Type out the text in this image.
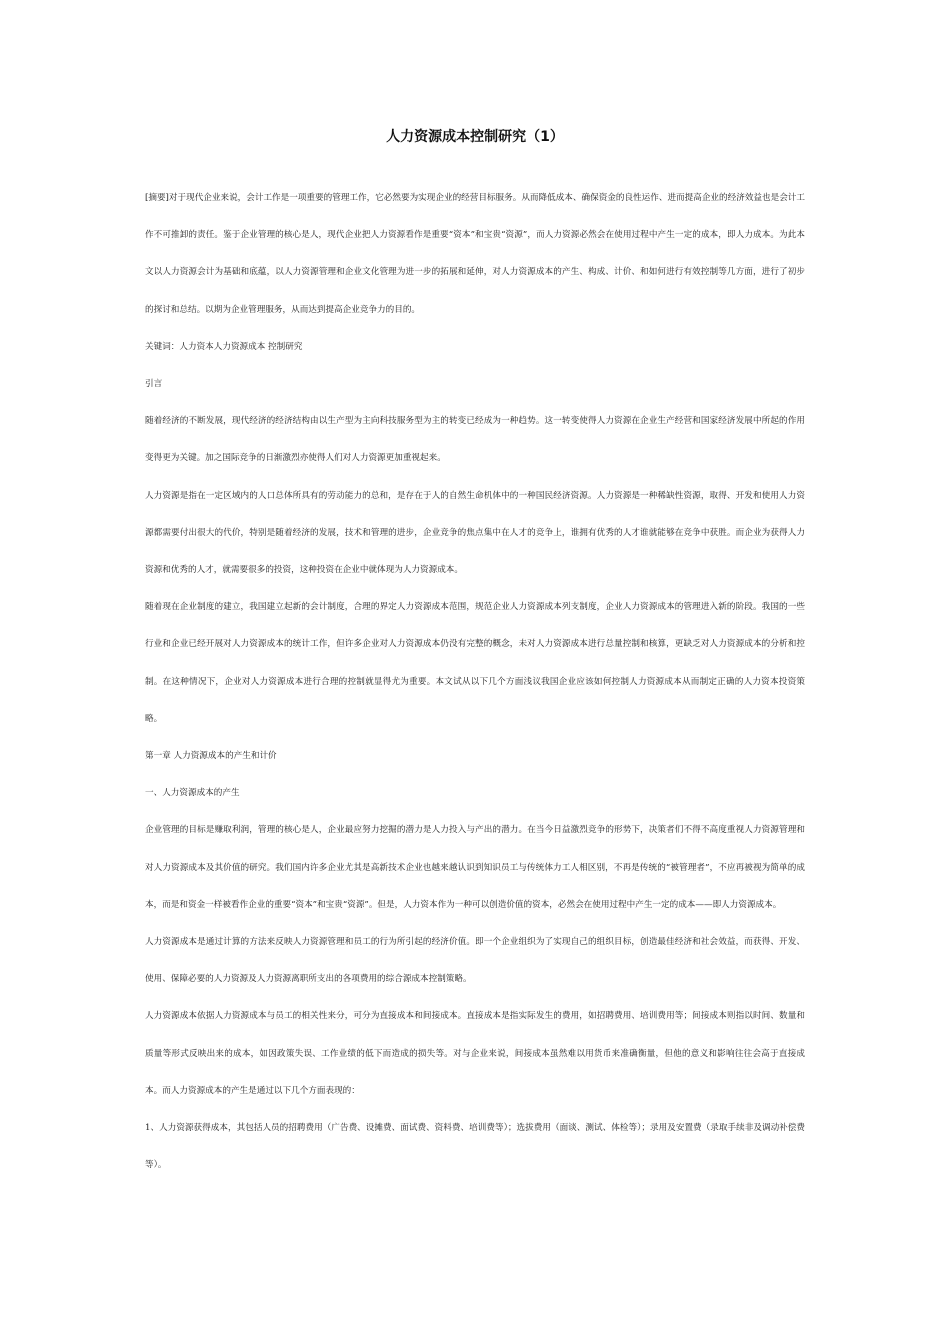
人力资源成本控制研究（1）

[摘要]对于现代企业来说，会计工作是一项重要的管理工作，它必然要为实现企业的经营目标服务。从而降低成本、确保资金的良性运作、进而提高企业的经济效益也是会计工作不可推卸的责任。鉴于企业管理的核心是人，现代企业把人力资源看作是重要“资本”和宝贵“资源”，而人力资源必然会在使用过程中产生一定的成本，即人力成本。为此本文以人力资源会计为基础和底蕴，以人力资源管理和企业文化管理为进一步的拓展和延伸，对人力资源成本的产生、构成、计价、和如何进行有效控制等几方面，进行了初步的探讨和总结。以期为企业管理服务，从而达到提高企业竞争力的目的。

关键词：人力资本人力资源成本 控制研究

引言

随着经济的不断发展，现代经济的经济结构由以生产型为主向科技服务型为主的转变已经成为一种趋势。这一转变使得人力资源在企业生产经营和国家经济发展中所起的作用变得更为关键。加之国际竞争的日渐激烈亦使得人们对人力资源更加重视起来。

人力资源是指在一定区域内的人口总体所具有的劳动能力的总和，是存在于人的自然生命机体中的一种国民经济资源。人力资源是一种稀缺性资源，取得、开发和使用人力资源都需要付出很大的代价，特别是随着经济的发展，技术和管理的进步，企业竞争的焦点集中在人才的竞争上，谁拥有优秀的人才谁就能够在竞争中获胜。而企业为获得人力资源和优秀的人才，就需要很多的投资，这种投资在企业中就体现为人力资源成本。

随着现在企业制度的建立，我国建立起新的会计制度，合理的界定人力资源成本范围，规范企业人力资源成本列支制度，企业人力资源成本的管理进入新的阶段。我国的一些行业和企业已经开展对人力资源成本的统计工作，但许多企业对人力资源成本仍没有完整的概念，未对人力资源成本进行总量控制和核算，更缺乏对人力资源成本的分析和控制。在这种情况下，企业对人力资源成本进行合理的控制就显得尤为重要。本文试从以下几个方面浅议我国企业应该如何控制人力资源成本从而制定正确的人力资本投资策略。

第一章 人力资源成本的产生和计价

一、人力资源成本的产生

企业管理的目标是赚取利润，管理的核心是人，企业最应努力挖掘的潜力是人力投入与产出的潜力。在当今日益激烈竞争的形势下，决策者们不得不高度重视人力资源管理和对人力资源成本及其价值的研究。我们国内许多企业尤其是高新技术企业也越来越认识到知识员工与传统体力工人相区别，不再是传统的“被管理者”，不应再被视为简单的成本，而是和资金一样被看作企业的重要“资本”和宝贵“资源”。但是，人力资本作为一种可以创造价值的资本，必然会在使用过程中产生一定的成本——即人力资源成本。

人力资源成本是通过计算的方法来反映人力资源管理和员工的行为所引起的经济价值。即一个企业组织为了实现自己的组织目标，创造最佳经济和社会效益，而获得、开发、使用、保障必要的人力资源及人力资源离职所支出的各项费用的综合源成本控制策略。

人力资源成本依据人力资源成本与员工的相关性来分，可分为直接成本和间接成本。直接成本是指实际发生的费用，如招聘费用、培训费用等；间接成本则指以时间、数量和质量等形式反映出来的成本，如因政策失误、工作业绩的低下而造成的损失等。对与企业来说，间接成本虽然难以用货币来准确衡量，但他的意义和影响往往会高于直接成本。而人力资源成本的产生是通过以下几个方面表现的：

1、人力资源获得成本，其包括人员的招聘费用（广告费、设摊费、面试费、资料费、培训费等）；选拔费用（面谈、测试、体检等）；录用及安置费（录取手续非及调动补偿费等）。
